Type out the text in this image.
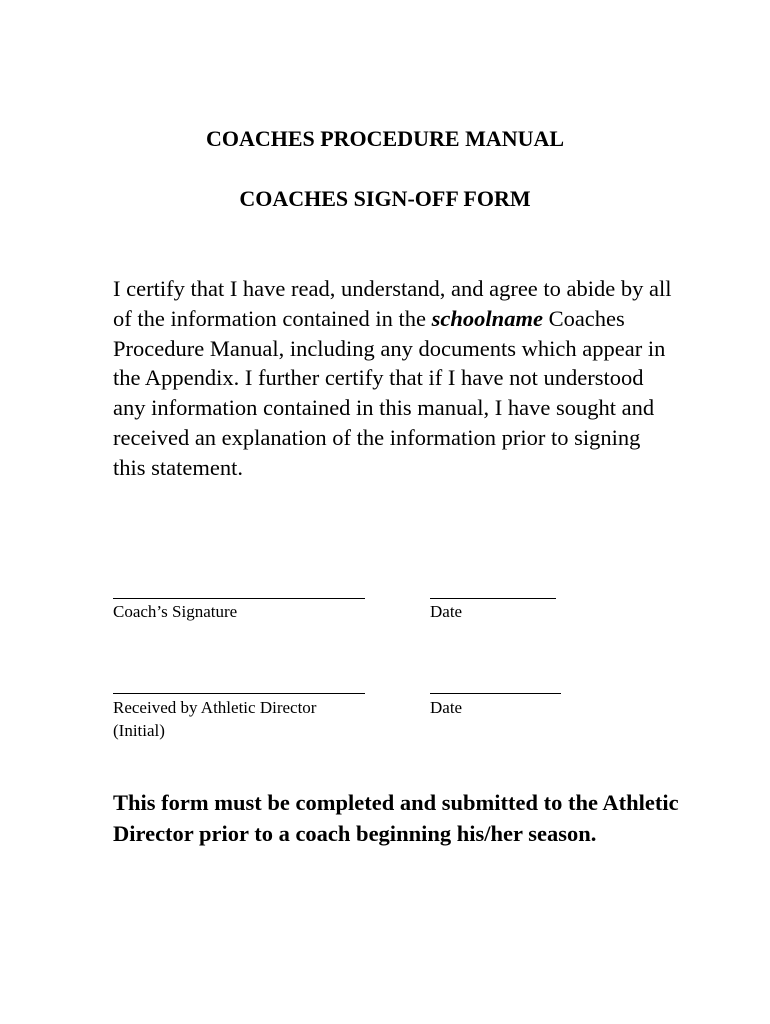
COACHES PROCEDURE MANUAL
COACHES SIGN-OFF FORM

I certify that I have read, understand, and agree to abide by all of the information contained in the schoolname Coaches Procedure Manual, including any documents which appear in the Appendix. I further certify that if I have not understood any information contained in this manual, I have sought and received an explanation of the information prior to signing this statement.

Coach’s Signature	Date

Received by Athletic Director

(Initial)

Date

This form must be completed and submitted to the Athletic Director prior to a coach beginning his/her season.
